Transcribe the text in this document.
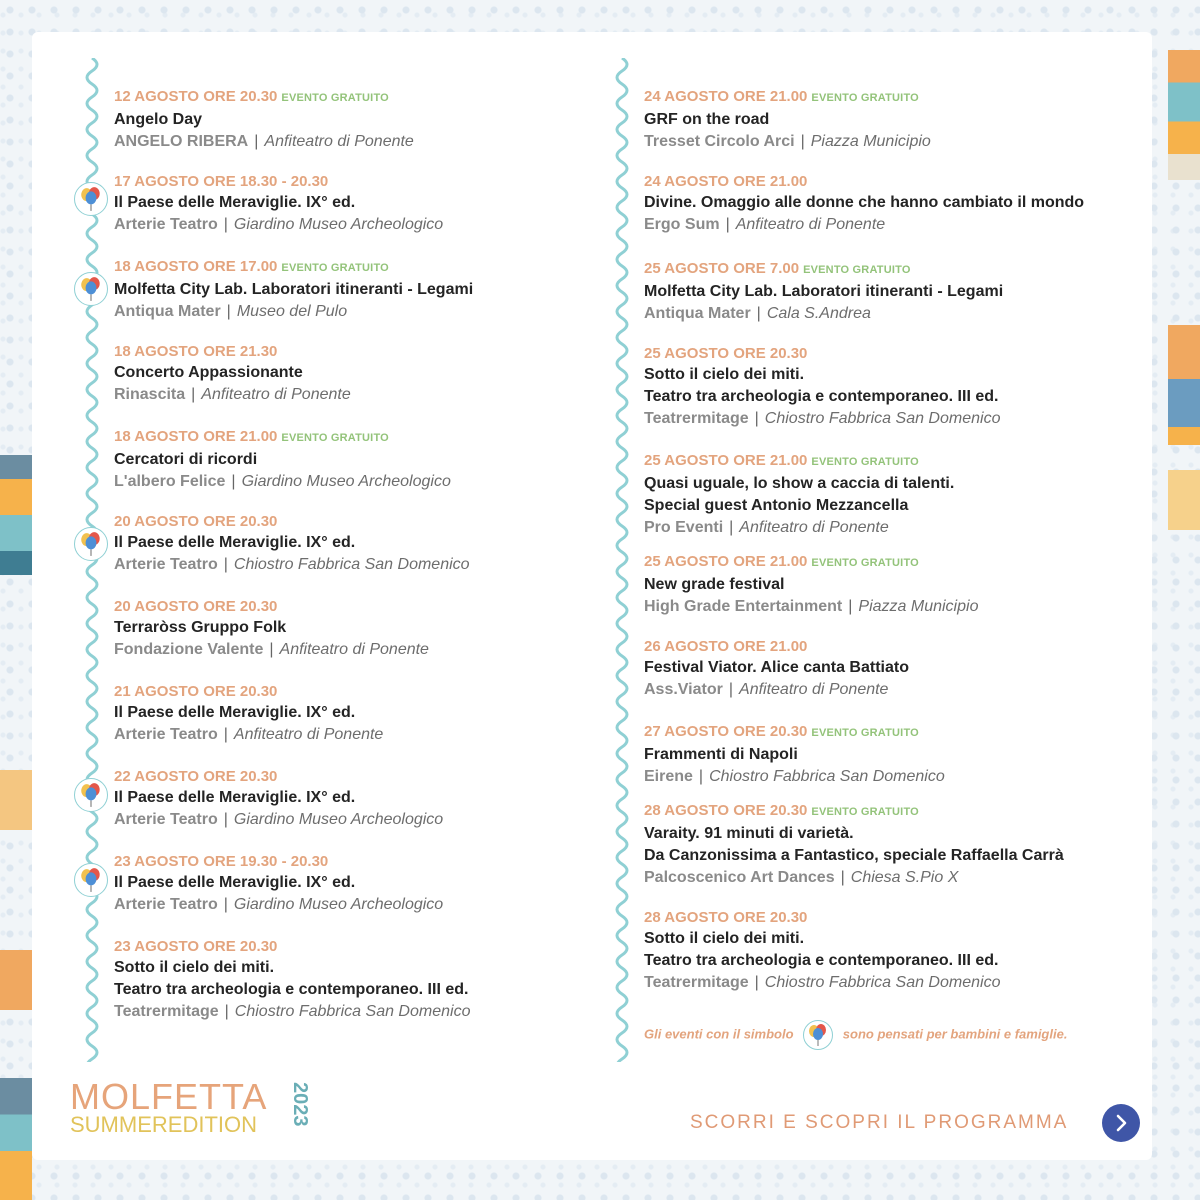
12 AGOSTO ORE 20.30 EVENTO GRATUITO
Angelo Day
ANGELO RIBERA | Anfiteatro di Ponente
17 AGOSTO ORE 18.30 - 20.30
Il Paese delle Meraviglie. IX° ed.
Arterie Teatro | Giardino Museo Archeologico
18 AGOSTO ORE 17.00 EVENTO GRATUITO
Molfetta City Lab. Laboratori itineranti - Legami
Antiqua Mater | Museo del Pulo
18 AGOSTO ORE 21.30
Concerto Appassionante
Rinascita | Anfiteatro di Ponente
18 AGOSTO ORE 21.00 EVENTO GRATUITO
Cercatori di ricordi
L'albero Felice | Giardino Museo Archeologico
20 AGOSTO ORE 20.30
Il Paese delle Meraviglie. IX° ed.
Arterie Teatro | Chiostro Fabbrica San Domenico
20 AGOSTO ORE 20.30
Terraròss Gruppo Folk
Fondazione Valente | Anfiteatro di Ponente
21 AGOSTO ORE 20.30
Il Paese delle Meraviglie. IX° ed.
Arterie Teatro | Anfiteatro di Ponente
22 AGOSTO ORE 20.30
Il Paese delle Meraviglie. IX° ed.
Arterie Teatro | Giardino Museo Archeologico
23 AGOSTO ORE 19.30 - 20.30
Il Paese delle Meraviglie. IX° ed.
Arterie Teatro | Giardino Museo Archeologico
23 AGOSTO ORE 20.30
Sotto il cielo dei miti.
Teatro tra archeologia e contemporaneo. III ed.
Teatrermitage | Chiostro Fabbrica San Domenico
24 AGOSTO ORE 21.00 EVENTO GRATUITO
GRF on the road
Tresset Circolo Arci | Piazza Municipio
24 AGOSTO ORE 21.00
Divine. Omaggio alle donne che hanno cambiato il mondo
Ergo Sum | Anfiteatro di Ponente
25 AGOSTO ORE 7.00 EVENTO GRATUITO
Molfetta City Lab. Laboratori itineranti - Legami
Antiqua Mater | Cala S.Andrea
25 AGOSTO ORE 20.30
Sotto il cielo dei miti.
Teatro tra archeologia e contemporaneo. III ed.
Teatrermitage | Chiostro Fabbrica San Domenico
25 AGOSTO ORE 21.00 EVENTO GRATUITO
Quasi uguale, lo show a caccia di talenti.
Special guest Antonio Mezzancella
Pro Eventi | Anfiteatro di Ponente
25 AGOSTO ORE 21.00 EVENTO GRATUITO
New grade festival
High Grade Entertainment | Piazza Municipio
26 AGOSTO ORE 21.00
Festival Viator. Alice canta Battiato
Ass.Viator | Anfiteatro di Ponente
27 AGOSTO ORE 20.30 EVENTO GRATUITO
Frammenti di Napoli
Eirene | Chiostro Fabbrica San Domenico
28 AGOSTO ORE 20.30 EVENTO GRATUITO
Varaity. 91 minuti di varietà.
Da Canzonissima a Fantastico, speciale Raffaella Carrà
Palcoscenico Art Dances | Chiesa S.Pio X
28 AGOSTO ORE 20.30
Sotto il cielo dei miti.
Teatro tra archeologia e contemporaneo. III ed.
Teatrermitage | Chiostro Fabbrica San Domenico
Gli eventi con il simbolo	sono pensati per bambini e famiglie.
MOLFETTA
SUMMEREDITION	2023	SCORRI E SCOPRI IL PROGRAMMA
